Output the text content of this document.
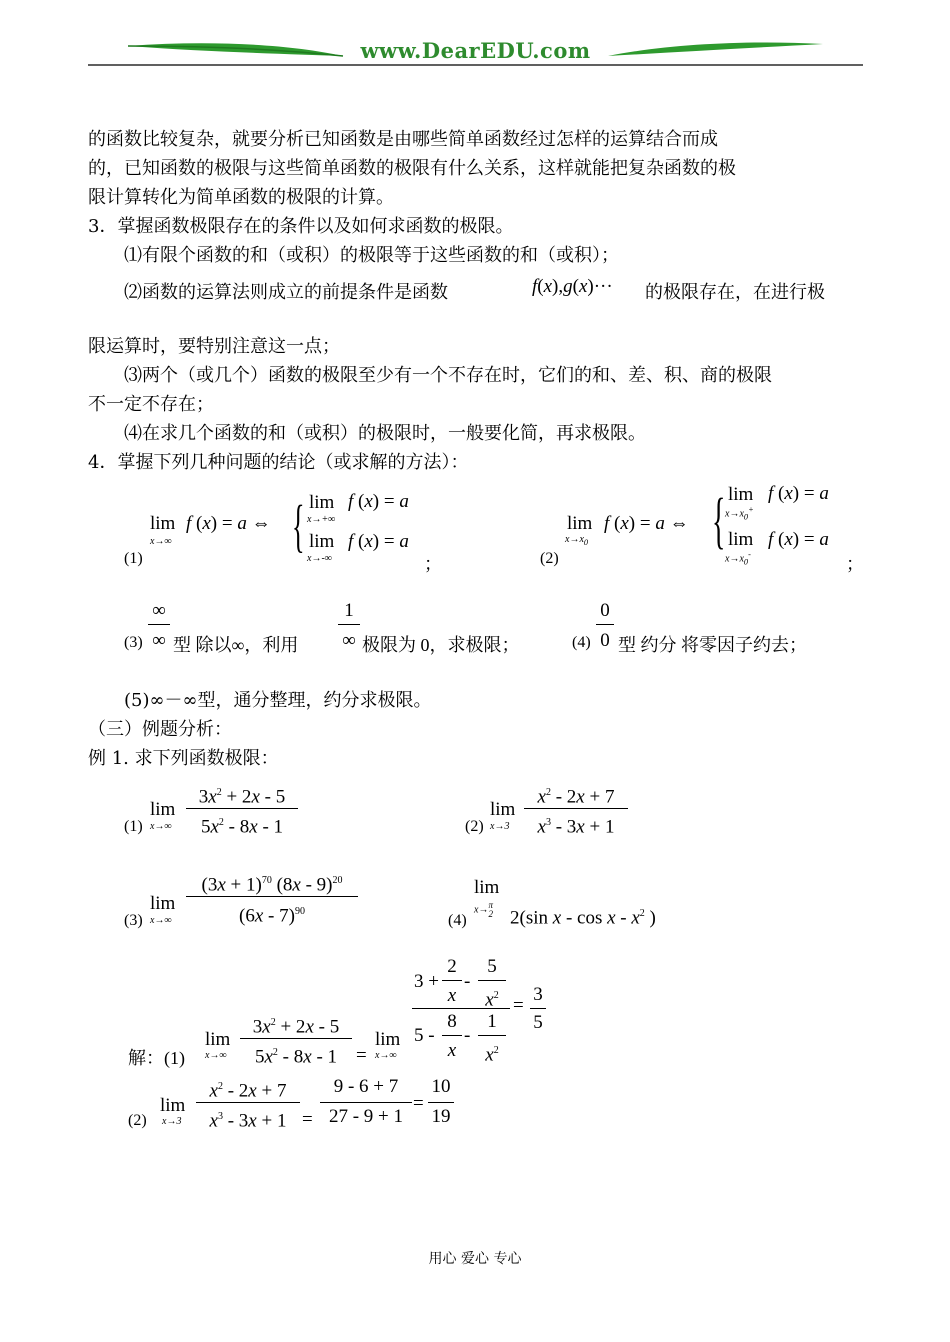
www.DearEDU.com
的函数比较复杂，就要分析已知函数是由哪些简单函数经过怎样的运算结合而成
的，已知函数的极限与这些简单函数的极限有什么关系，这样就能把复杂函数的极
限计算转化为简单函数的极限的计算。
3．掌握函数极限存在的条件以及如何求函数的极限。
⑴有限个函数的和（或积）的极限等于这些函数的和（或积）；
⑵函数的运算法则成立的前提条件是函数	f(x),g(x)··· 的极限存在，在进行极
限运算时，要特别注意这一点；
⑶两个（或几个）函数的极限至少有一个不存在时，它们的和、差、积、商的极限
不一定不存在；
⑷在求几个函数的和（或积）的极限时，一般要化简，再求极限。
4．掌握下列几种问题的结论（或求解的方法）：
(1)
lim
x→∞
f (x) = a ⇔ { lim
x→+∞
f (x) = a
lim
x→-∞
f (x) = a
；	(2)
lim
$x\to x_0$
f (x) = a ⇔ { lim
$x\to x_0^+$
f (x) = a
lim
$x\to x_0^-$
f (x) = a
；
(3)
∞
∞ 型 除以∞，利用
1
∞ 极限为 0，求极限；	(4)
0
0 型 约分 将零因子约去；
(5)∞－∞型，通分整理，约分求极限。
（三）例题分析：
例 1. 求下列函数极限：
(1)
lim
x→∞
$3x^2 + 2x - 5$
$5x^2 - 8x - 1$	(2)
lim
x→3
$x^2 - 2x + 7$
$x^3 - 3x + 1$
(3)
lim
x→∞
$(3x + 1)^{70}$ (8x - 9)$^{20}$
(6x - 7)$^{90}$
(4)
lim
x→π
2 2(sin x - cos x - $x^2$ )
解：(1)
lim
x→∞
$3x^2 + 2x - 5$
$5x^2 - 8x - 1$ =
lim
x→∞
3 +
2
x
-
5
$x^2$
5 -
8
x
-
1
$x^2$
=
3
5
(2)
lim
x→3
$x^2 - 2x + 7$
$x^3 - 3x + 1$ =
9 - 6 + 7
27 - 9 + 1
=
10
19
用心 爱心 专心
